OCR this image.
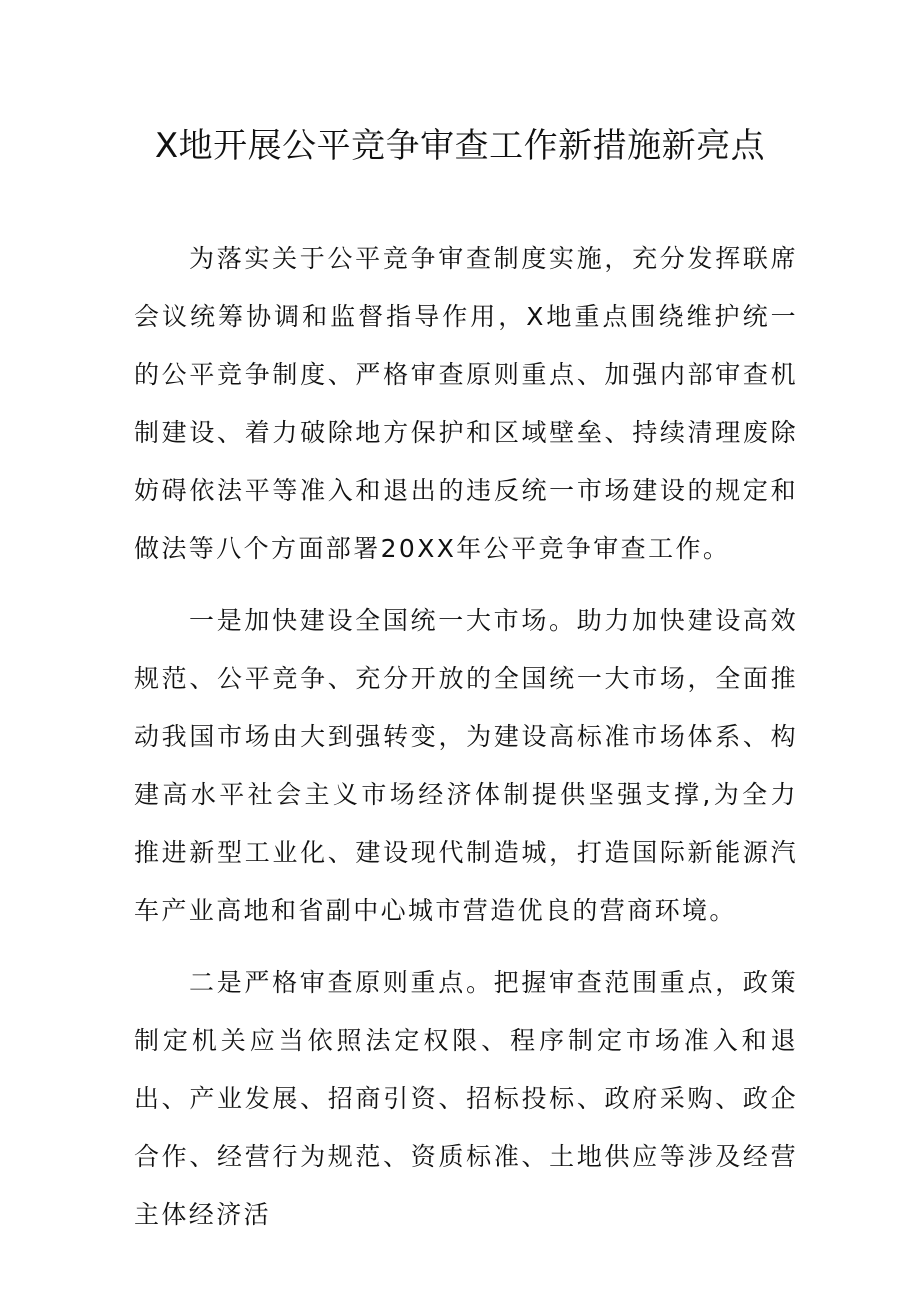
X地开展公平竞争审查工作新措施新亮点

为落实关于公平竞争审查制度实施，充分发挥联席会议统筹协调和监督指导作用，X地重点围绕维护统一的公平竞争制度、严格审查原则重点、加强内部审查机制建设、着力破除地方保护和区域壁垒、持续清理废除妨碍依法平等准入和退出的违反统一市场建设的规定和做法等八个方面部署20XX年公平竞争审查工作。

一是加快建设全国统一大市场。助力加快建设高效规范、公平竞争、充分开放的全国统一大市场，全面推动我国市场由大到强转变，为建设高标准市场体系、构建高水平社会主义市场经济体制提供坚强支撑,为全力推进新型工业化、建设现代制造城，打造国际新能源汽车产业高地和省副中心城市营造优良的营商环境。

二是严格审查原则重点。把握审查范围重点，政策制定机关应当依照法定权限、程序制定市场准入和退出、产业发展、招商引资、招标投标、政府采购、政企合作、经营行为规范、资质标准、土地供应等涉及经营主体经济活
